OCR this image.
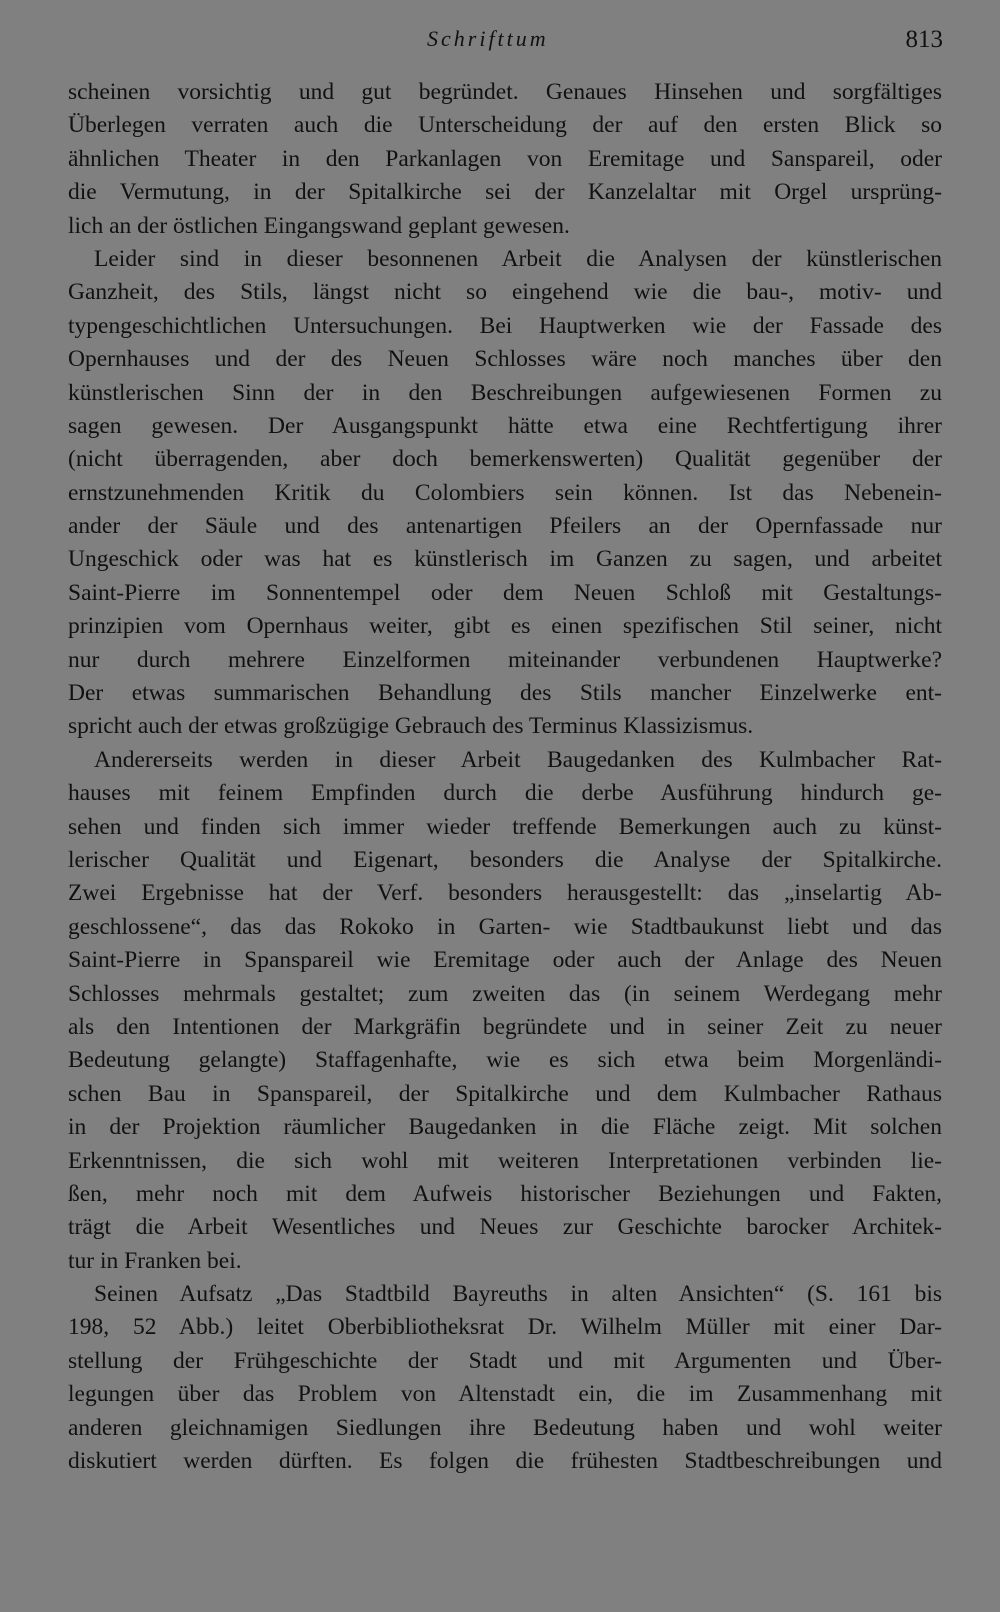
Schrifttum	813
scheinen vorsichtig und gut begründet. Genaues Hinsehen und sorgfältiges
Überlegen verraten auch die Unterscheidung der auf den ersten Blick so
ähnlichen Theater in den Parkanlagen von Eremitage und Sanspareil, oder
die Vermutung, in der Spitalkirche sei der Kanzelaltar mit Orgel ursprüng-
lich an der östlichen Eingangswand geplant gewesen.
Leider sind in dieser besonnenen Arbeit die Analysen der künstlerischen
Ganzheit, des Stils, längst nicht so eingehend wie die bau-, motiv- und
typengeschichtlichen Untersuchungen. Bei Hauptwerken wie der Fassade des
Opernhauses und der des Neuen Schlosses wäre noch manches über den
künstlerischen Sinn der in den Beschreibungen aufgewiesenen Formen zu
sagen gewesen. Der Ausgangspunkt hätte etwa eine Rechtfertigung ihrer
(nicht überragenden, aber doch bemerkenswerten) Qualität gegenüber der
ernstzunehmenden Kritik du Colombiers sein können. Ist das Nebenein-
ander der Säule und des antenartigen Pfeilers an der Opernfassade nur
Ungeschick oder was hat es künstlerisch im Ganzen zu sagen, und arbeitet
Saint-Pierre im Sonnentempel oder dem Neuen Schloß mit Gestaltungs-
prinzipien vom Opernhaus weiter, gibt es einen spezifischen Stil seiner, nicht
nur durch mehrere Einzelformen miteinander verbundenen Hauptwerke?
Der etwas summarischen Behandlung des Stils mancher Einzelwerke ent-
spricht auch der etwas großzügige Gebrauch des Terminus Klassizismus.
Andererseits werden in dieser Arbeit Baugedanken des Kulmbacher Rat-
hauses mit feinem Empfinden durch die derbe Ausführung hindurch ge-
sehen und finden sich immer wieder treffende Bemerkungen auch zu künst-
lerischer Qualität und Eigenart, besonders die Analyse der Spitalkirche.
Zwei Ergebnisse hat der Verf. besonders herausgestellt: das „inselartig Ab-
geschlossene“, das das Rokoko in Garten- wie Stadtbaukunst liebt und das
Saint-Pierre in Spanspareil wie Eremitage oder auch der Anlage des Neuen
Schlosses mehrmals gestaltet; zum zweiten das (in seinem Werdegang mehr
als den Intentionen der Markgräfin begründete und in seiner Zeit zu neuer
Bedeutung gelangte) Staffagenhafte, wie es sich etwa beim Morgenländi-
schen Bau in Spanspareil, der Spitalkirche und dem Kulmbacher Rathaus
in der Projektion räumlicher Baugedanken in die Fläche zeigt. Mit solchen
Erkenntnissen, die sich wohl mit weiteren Interpretationen verbinden lie-
ßen, mehr noch mit dem Aufweis historischer Beziehungen und Fakten,
trägt die Arbeit Wesentliches und Neues zur Geschichte barocker Architek-
tur in Franken bei.
Seinen Aufsatz „Das Stadtbild Bayreuths in alten Ansichten“ (S. 161 bis
198, 52 Abb.) leitet Oberbibliotheksrat Dr. Wilhelm Müller mit einer Dar-
stellung der Frühgeschichte der Stadt und mit Argumenten und Über-
legungen über das Problem von Altenstadt ein, die im Zusammenhang mit
anderen gleichnamigen Siedlungen ihre Bedeutung haben und wohl weiter
diskutiert werden dürften. Es folgen die frühesten Stadtbeschreibungen und
